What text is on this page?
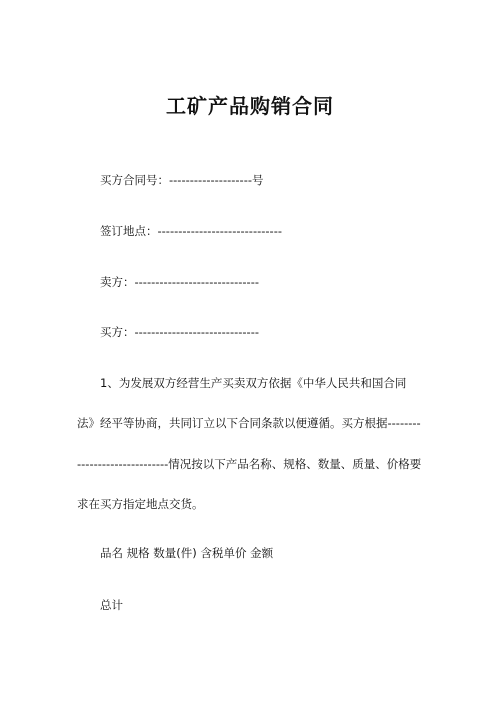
工矿产品购销合同
买方合同号：--------------------号
签订地点：------------------------------
卖方：------------------------------
买方：------------------------------
1、为发展双方经营生产买卖双方依据《中华人民共和国合同
法》经平等协商，共同订立以下合同条款以便遵循。买方根据--------
----------------------情况按以下产品名称、规格、数量、质量、价格要
求在买方指定地点交货。
品名 规格 数量(件) 含税单价 金额
总计
